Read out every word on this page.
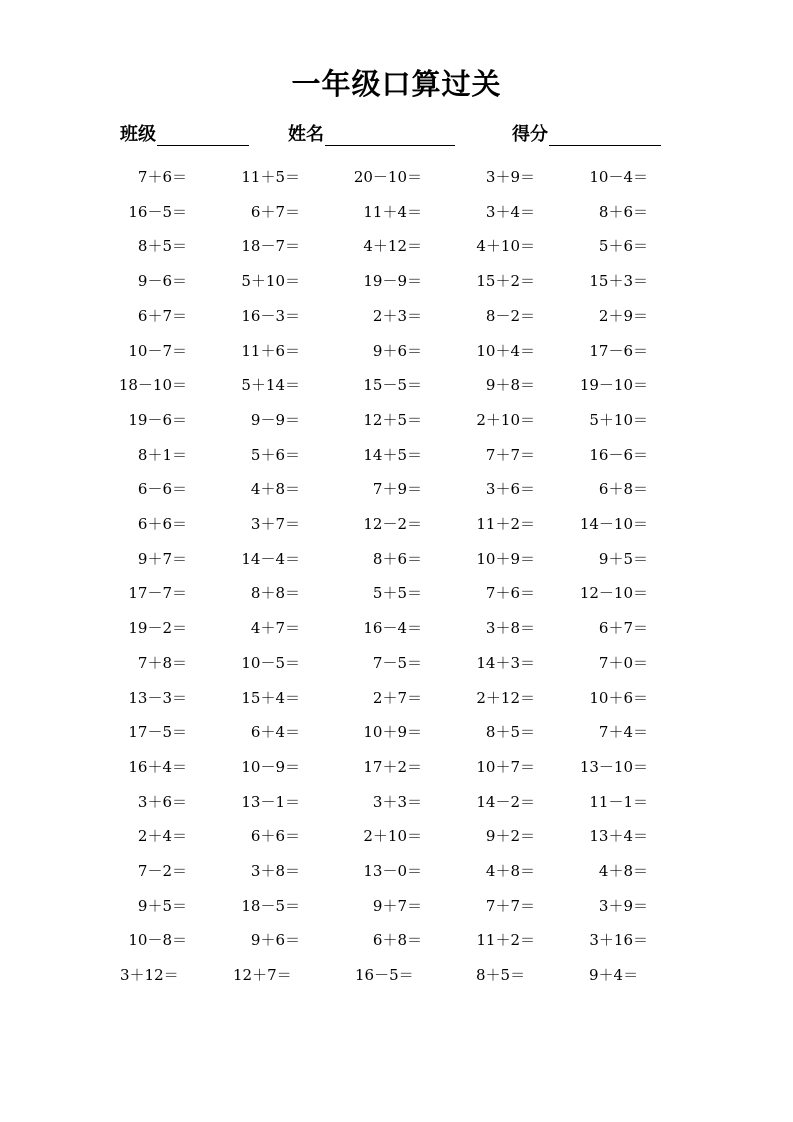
一年级口算过关
班级	姓名	得分
7＋6＝	11＋5＝	20－10＝	3＋9＝	10－4＝
16－5＝	6＋7＝	11＋4＝	3＋4＝	8＋6＝
8＋5＝	18－7＝	4＋12＝	4＋10＝	5＋6＝
9－6＝	5＋10＝	19－9＝	15＋2＝	15＋3＝
6＋7＝	16－3＝	2＋3＝	8－2＝	2＋9＝
10－7＝	11＋6＝	9＋6＝	10＋4＝	17－6＝
18－10＝	5＋14＝	15－5＝	9＋8＝	19－10＝
19－6＝	9－9＝	12＋5＝	2＋10＝	5＋10＝
8＋1＝	5＋6＝	14＋5＝	7＋7＝	16－6＝
6－6＝	4＋8＝	7＋9＝	3＋6＝	6＋8＝
6＋6＝	3＋7＝	12－2＝	11＋2＝	14－10＝
9＋7＝	14－4＝	8＋6＝	10＋9＝	9＋5＝
17－7＝	8＋8＝	5＋5＝	7＋6＝	12－10＝
19－2＝	4＋7＝	16－4＝	3＋8＝	6＋7＝
7＋8＝	10－5＝	7－5＝	14＋3＝	7＋0＝
13－3＝	15＋4＝	2＋7＝	2＋12＝	10＋6＝
17－5＝	6＋4＝	10＋9＝	8＋5＝	7＋4＝
16＋4＝	10－9＝	17＋2＝	10＋7＝	13－10＝
3＋6＝	13－1＝	3＋3＝	14－2＝	11－1＝
2＋4＝	6＋6＝	2＋10＝	9＋2＝	13＋4＝
7－2＝	3＋8＝	13－0＝	4＋8＝	4＋8＝
9＋5＝	18－5＝	9＋7＝	7＋7＝	3＋9＝
10－8＝	9＋6＝	6＋8＝	11＋2＝	3＋16＝
3＋12＝	12＋7＝	16－5＝	8＋5＝	9＋4＝
